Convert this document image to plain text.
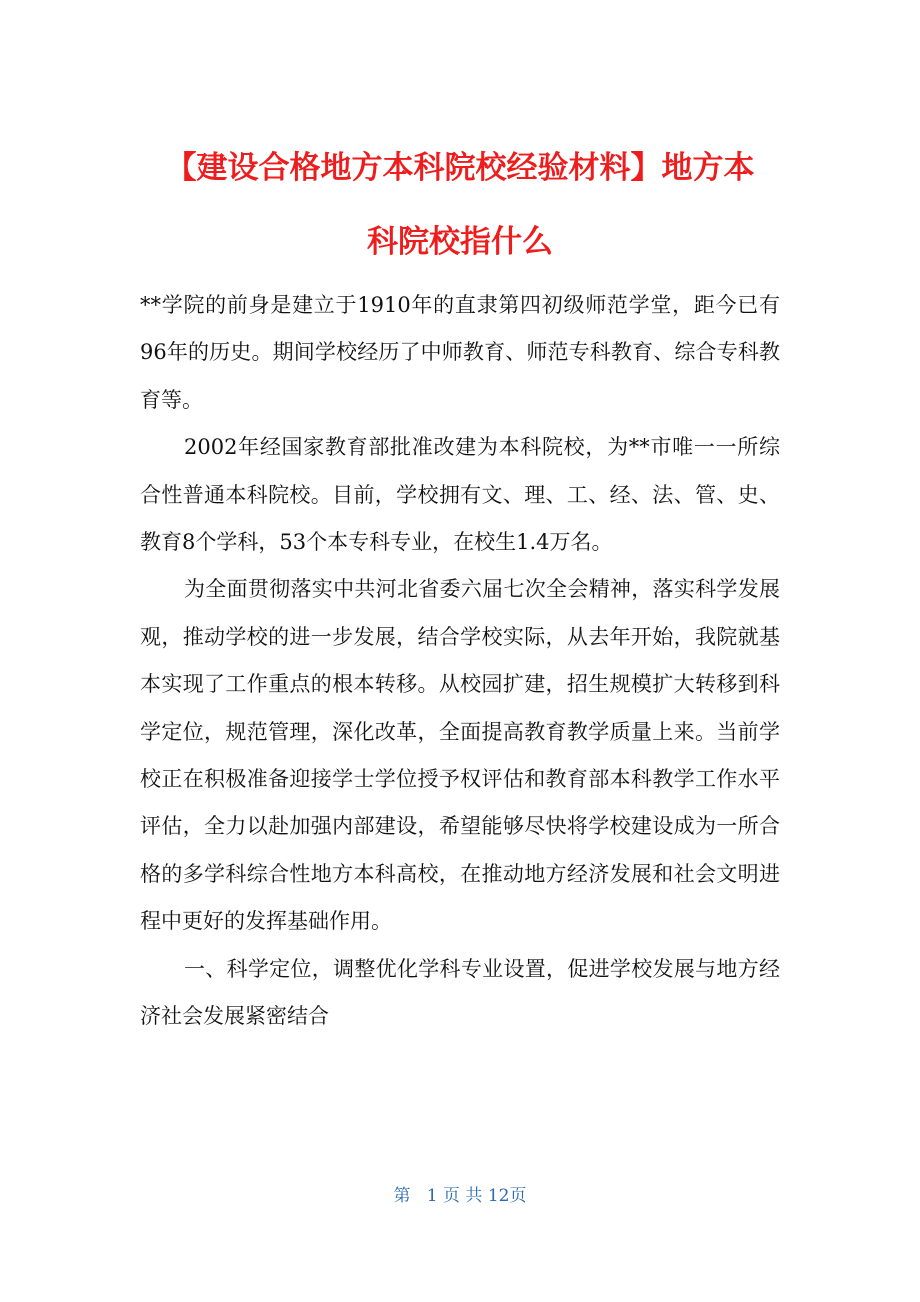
【建设合格地方本科院校经验材料】地方本
科院校指什么

**学院的前身是建立于1910年的直隶第四初级师范学堂，距今已有96年的历史。期间学校经历了中师教育、师范专科教育、综合专科教育等。

2002年经国家教育部批准改建为本科院校，为**市唯一一所综合性普通本科院校。目前，学校拥有文、理、工、经、法、管、史、教育8个学科，53个本专科专业，在校生1.4万名。

为全面贯彻落实中共河北省委六届七次全会精神，落实科学发展观，推动学校的进一步发展，结合学校实际，从去年开始，我院就基本实现了工作重点的根本转移。从校园扩建，招生规模扩大转移到科学定位，规范管理，深化改革，全面提高教育教学质量上来。当前学校正在积极准备迎接学士学位授予权评估和教育部本科教学工作水平评估，全力以赴加强内部建设，希望能够尽快将学校建设成为一所合格的多学科综合性地方本科高校，在推动地方经济发展和社会文明进程中更好的发挥基础作用。

一、科学定位，调整优化学科专业设置，促进学校发展与地方经济社会发展紧密结合

第 1 页 共 12页
